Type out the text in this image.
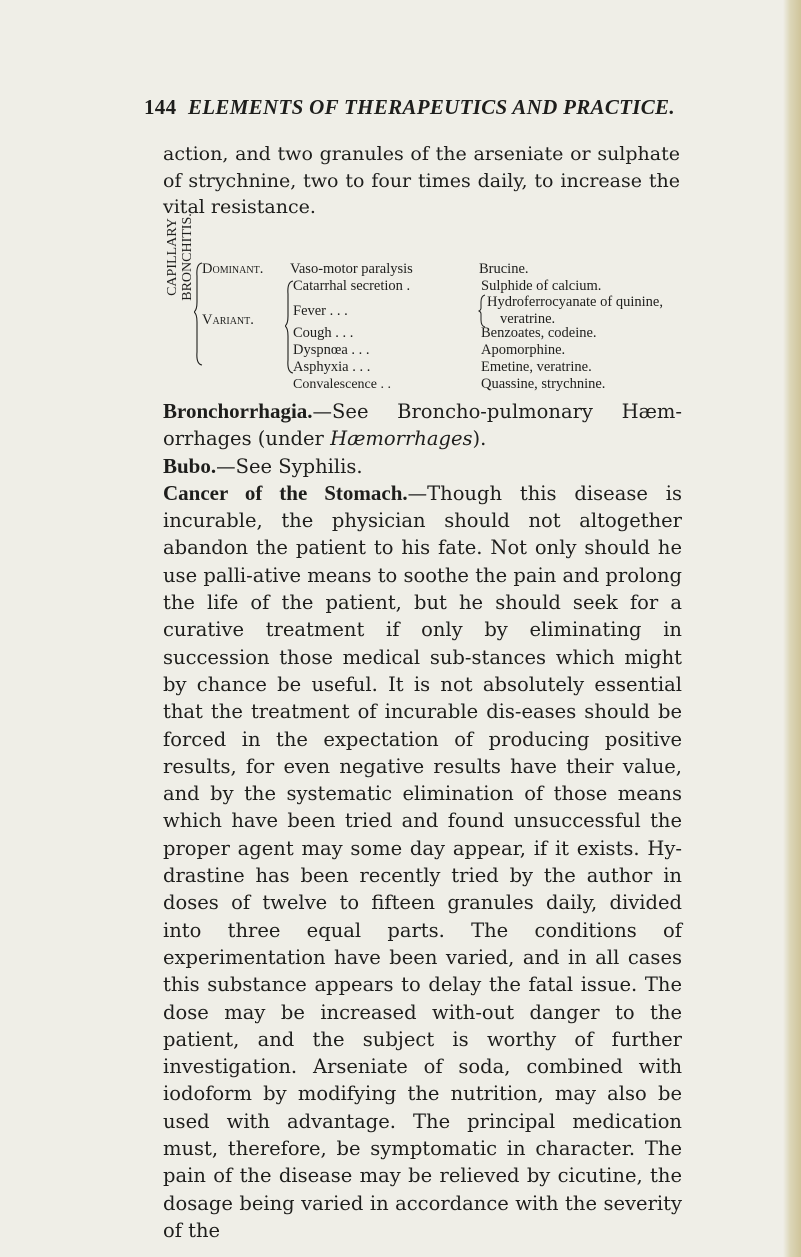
144 ELEMENTS OF THERAPEUTICS AND PRACTICE.
action, and two granules of the arseniate or sulphate of strychnine, two to four times daily, to increase the vital resistance.
CAPILLARY BRONCHITIS. Dominant.
Variant.
Vaso-motor paralysis
Catarrhal secretion .
Fever . . .
Cough . . .
Dyspnœa . . .
Asphyxia . . .
Convalescence . .
Brucine.
Sulphide of calcium.
Hydroferrocyanate of quinine,
veratrine.
Benzoates, codeine.
Apomorphine.
Emetine, veratrine.
Quassine, strychnine.

Bronchorrhagia.—See Broncho-pulmonary Hæm-orrhages (under Hæmorrhages).

Bubo.—See Syphilis.

Cancer of the Stomach.—Though this disease is incurable, the physician should not altogether abandon the patient to his fate. Not only should he use palli-ative means to soothe the pain and prolong the life of the patient, but he should seek for a curative treatment if only by eliminating in succession those medical sub-stances which might by chance be useful. It is not absolutely essential that the treatment of incurable dis-eases should be forced in the expectation of producing positive results, for even negative results have their value, and by the systematic elimination of those means which have been tried and found unsuccessful the proper agent may some day appear, if it exists. Hy-drastine has been recently tried by the author in doses of twelve to fifteen granules daily, divided into three equal parts. The conditions of experimentation have been varied, and in all cases this substance appears to delay the fatal issue. The dose may be increased with-out danger to the patient, and the subject is worthy of further investigation. Arseniate of soda, combined with iodoform by modifying the nutrition, may also be used with advantage. The principal medication must, therefore, be symptomatic in character. The pain of the disease may be relieved by cicutine, the dosage being varied in accordance with the severity of the
